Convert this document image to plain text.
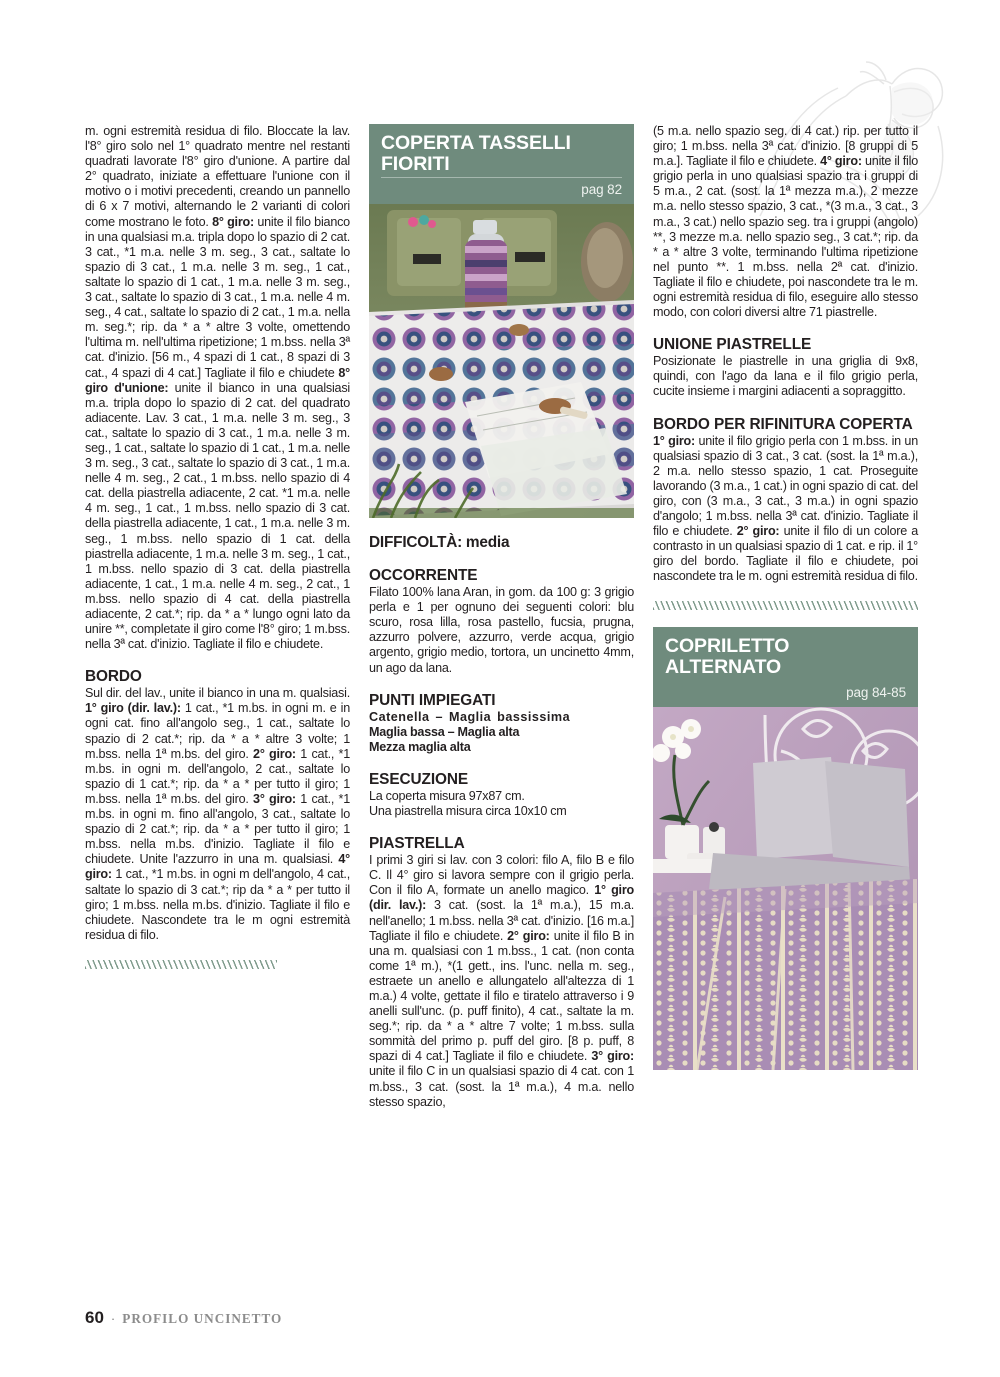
m. ogni estremità residua di filo. Bloccate la lav. l'8° giro solo nel 1° quadrato mentre nel restanti quadrati lavorate l'8° giro d'unione. A partire dal 2° quadrato, iniziate a effettuare l'unione con il motivo o i motivi precedenti, creando un pannello di 6 x 7 motivi, alternando le 2 varianti di colori come mostrano le foto. 8° giro: unite il filo bianco in una qualsiasi m.a. tripla dopo lo spazio di 2 cat. 3 cat., *1 m.a. nelle 3 m. seg., 3 cat., saltate lo spazio di 3 cat., 1 m.a. nelle 3 m. seg., 1 cat., saltate lo spazio di 1 cat., 1 m.a. nelle 3 m. seg., 3 cat., saltate lo spazio di 3 cat., 1 m.a. nelle 4 m. seg., 4 cat., saltate lo spazio di 2 cat., 1 m.a. nella m. seg.*; rip. da * a * altre 3 volte, omettendo l'ultima m. nell'ultima ripetizione; 1 m.bss. nella 3ª cat. d'inizio. [56 m., 4 spazi di 1 cat., 8 spazi di 3 cat., 4 spazi di 4 cat.] Tagliate il filo e chiudete 8° giro d'unione: unite il bianco in una qualsiasi m.a. tripla dopo lo spazio di 2 cat. del quadrato adiacente. Lav. 3 cat., 1 m.a. nelle 3 m. seg., 3 cat., saltate lo spazio di 3 cat., 1 m.a. nelle 3 m. seg., 1 cat., saltate lo spazio di 1 cat., 1 m.a. nelle 3 m. seg., 3 cat., saltate lo spazio di 3 cat., 1 m.a. nelle 4 m. seg., 2 cat., 1 m.bss. nello spazio di 4 cat. della piastrella adiacente, 2 cat. *1 m.a. nelle 4 m. seg., 1 cat., 1 m.bss. nello spazio di 3 cat. della piastrella adiacente, 1 cat., 1 m.a. nelle 3 m. seg., 1 m.bss. nello spazio di 1 cat. della piastrella adiacente, 1 m.a. nelle 3 m. seg., 1 cat., 1 m.bss. nello spazio di 3 cat. della piastrella adiacente, 1 cat., 1 m.a. nelle 4 m. seg., 2 cat., 1 m.bss. nello spazio di 4 cat. della piastrella adiacente, 2 cat.*; rip. da * a * lungo ogni lato da unire **, completate il giro come l'8° giro; 1 m.bss. nella 3ª cat. d'inizio. Tagliate il filo e chiudete.
BORDO
Sul dir. del lav., unite il bianco in una m. qualsiasi. 1° giro (dir. lav.): 1 cat., *1 m.bs. in ogni m. e in ogni cat. fino all'angolo seg., 1 cat., saltate lo spazio di 2 cat.*; rip. da * a * altre 3 volte; 1 m.bss. nella 1ª m.bs. del giro. 2° giro: 1 cat., *1 m.bs. in ogni m. dell'angolo, 2 cat., saltate lo spazio di 1 cat.*; rip. da * a * per tutto il giro; 1 m.bss. nella 1ª m.bs. del giro. 3° giro: 1 cat., *1 m.bs. in ogni m. fino all'angolo, 3 cat., saltate lo spazio di 2 cat.*; rip. da * a * per tutto il giro; 1 m.bss. nella m.bs. d'inizio. Tagliate il filo e chiudete. Unite l'azzurro in una m. qualsiasi. 4° giro: 1 cat., *1 m.bs. in ogni m dell'angolo, 4 cat., saltate lo spazio di 3 cat.*; rip da * a * per tutto il giro; 1 m.bss. nella m.bs. d'inizio. Tagliate il filo e chiudete. Nascondete tra le m ogni estremità residua di filo.
COPERTA TASSELLI FIORITI
pag 82
DIFFICOLTÀ: media
OCCORRENTE

Filato 100% lana Aran, in gom. da 100 g: 3 grigio perla e 1 per ognuno dei seguenti colori: blu scuro, rosa lilla, rosa pastello, fucsia, prugna, azzurro polvere, azzurro, verde acqua, grigio argento, grigio medio, tortora, un uncinetto 4mm, un ago da lana.

PUNTI IMPIEGATI
Catenella – Maglia bassissima
Maglia bassa – Maglia alta
Mezza maglia alta
ESECUZIONE
La coperta misura 97x87 cm.
Una piastrella misura circa 10x10 cm
PIASTRELLA
I primi 3 giri si lav. con 3 colori: filo A, filo B e filo C. Il 4° giro si lavora sempre con il grigio perla. Con il filo A, formate un anello magico. 1° giro (dir. lav.): 3 cat. (sost. la 1ª m.a.), 15 m.a. nell'anello; 1 m.bss. nella 3ª cat. d'inizio. [16 m.a.] Tagliate il filo e chiudete. 2° giro: unite il filo B in una m. qualsiasi con 1 m.bss., 1 cat. (non conta come 1ª m.), *(1 gett., ins. l'unc. nella m. seg., estraete un anello e allungatelo all'altezza di 1 m.a.) 4 volte, gettate il filo e tiratelo attraverso i 9 anelli sull'unc. (p. puff finito), 4 cat., saltate la m. seg.*; rip. da * a * altre 7 volte; 1 m.bss. sulla sommità del primo p. puff del giro. [8 p. puff, 8 spazi di 4 cat.] Tagliate il filo e chiudete. 3° giro: unite il filo C in un qualsiasi spazio di 4 cat. con 1 m.bss., 3 cat. (sost. la 1ª m.a.), 4 m.a. nello stesso spazio,
(5 m.a. nello spazio seg. di 4 cat.) rip. per tutto il giro; 1 m.bss. nella 3ª cat. d'inizio. [8 gruppi di 5 m.a.]. Tagliate il filo e chiudete. 4° giro: unite il filo grigio perla in uno qualsiasi spazio tra i gruppi di 5 m.a., 2 cat. (sost. la 1ª mezza m.a.), 2 mezze m.a. nello stesso spazio, 3 cat., *(3 m.a., 3 cat., 3 m.a., 3 cat.) nello spazio seg. tra i gruppi (angolo) **, 3 mezze m.a. nello spazio seg., 3 cat.*; rip. da * a * altre 3 volte, terminando l'ultima ripetizione nel punto **. 1 m.bss. nella 2ª cat. d'inizio. Tagliate il filo e chiudete, poi nascondete tra le m. ogni estremità residua di filo, eseguire allo stesso modo, con colori diversi altre 71 piastrelle.
UNIONE PIASTRELLE

Posizionate le piastrelle in una griglia di 9x8, quindi, con l'ago da lana e il filo grigio perla, cucite insieme i margini adiacenti a sopraggitto.

BORDO PER RIFINITURA COPERTA
1° giro: unite il filo grigio perla con 1 m.bss. in un qualsiasi spazio di 3 cat., 3 cat. (sost. la 1ª m.a.), 2 m.a. nello stesso spazio, 1 cat. Proseguite lavorando (3 m.a., 1 cat.) in ogni spazio di cat. del giro, con (3 m.a., 3 cat., 3 m.a.) in ogni spazio d'angolo; 1 m.bss. nella 3ª cat. d'inizio. Tagliate il filo e chiudete. 2° giro: unite il filo di un colore a contrasto in un qualsiasi spazio di 1 cat. e rip. il 1° giro del bordo. Tagliate il filo e chiudete, poi nascondete tra le m. ogni estremità residua di filo.
COPRILETTO ALTERNATO
pag 84-85
60 · PROFILO UNCINETTO
